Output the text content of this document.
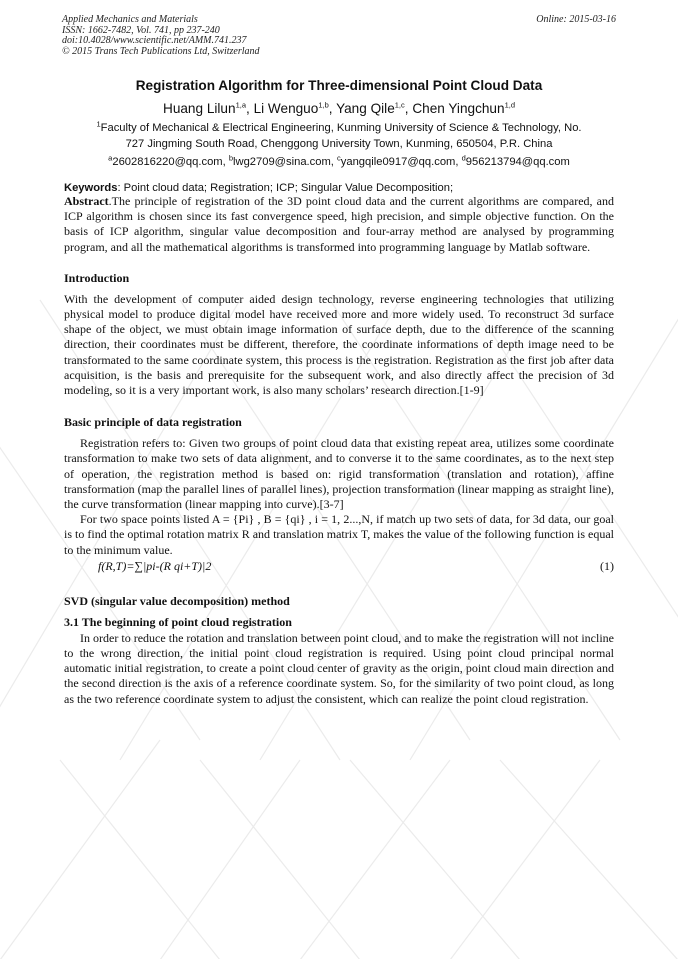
Applied Mechanics and Materials
ISSN: 1662-7482, Vol. 741, pp 237-240
doi:10.4028/www.scientific.net/AMM.741.237
© 2015 Trans Tech Publications Ltd, Switzerland
Online: 2015-03-16
Registration Algorithm for Three-dimensional Point Cloud Data
Huang Lilun$^{1,a}$, Li Wenguo$^{1,b}$, Yang Qile$^{1,c}$, Chen Yingchun$^{1,d}$
$^1$Faculty of Mechanical & Electrical Engineering, Kunming University of Science & Technology, No.
727 Jingming South Road, Chenggong University Town, Kunming, 650504, P.R. China
$^a$2602816220@qq.com, $^b$lwg2709@sina.com, $^c$yangqile0917@qq.com, $^d$956213794@qq.com
Keywords: Point cloud data; Registration; ICP; Singular Value Decomposition;

Abstract.The principle of registration of the 3D point cloud data and the current algorithms are compared, and ICP algorithm is chosen since its fast convergence speed, high precision, and simple objective function. On the basis of ICP algorithm, singular value decomposition and four-array method are analysed by programming program, and all the mathematical algorithms is transformed into programming language by Matlab software.

Introduction

With the development of computer aided design technology, reverse engineering technologies that utilizing physical model to produce digital model have received more and more widely used. To reconstruct 3d surface shape of the object, we must obtain image information of surface depth, due to the difference of the scanning direction, their coordinates must be different, therefore, the coordinate informations of depth image need to be transformated to the same coordinate system, this process is the registration. Registration as the first job after data acquisition, is the basis and prerequisite for the subsequent work, and also directly affect the precision of 3d modeling, so it is a very important work, is also many scholars’ research direction.[1-9]

Basic principle of data registration

Registration refers to: Given two groups of point cloud data that existing repeat area, utilizes some coordinate transformation to make two sets of data alignment, and to converse it to the same coordinates, as to the next step of operation, the registration method is based on: rigid transformation (translation and rotation), affine transformation (map the parallel lines of parallel lines), projection transformation (linear mapping as straight line), the curve transformation (linear mapping into curve).[3-7]

For two space points listed A = {Pi} , B = {qi} , i = 1, 2...,N, if match up two sets of data, for 3d data, our goal is to find the optimal rotation matrix R and translation matrix T, makes the value of the following function is equal to the minimum value.

f(R,T)=∑|pi-(R qi+T)|2	(1)
SVD (singular value decomposition) method
3.1 The beginning of point cloud registration

In order to reduce the rotation and translation between point cloud, and to make the registration will not incline to the wrong direction, the initial point cloud registration is required. Using point cloud principal normal automatic initial registration, to create a point cloud center of gravity as the origin, point cloud main direction and the second direction is the axis of a reference coordinate system. So, for the similarity of two point cloud, as long as the two reference coordinate system to adjust the consistent, which can realize the point cloud registration.
